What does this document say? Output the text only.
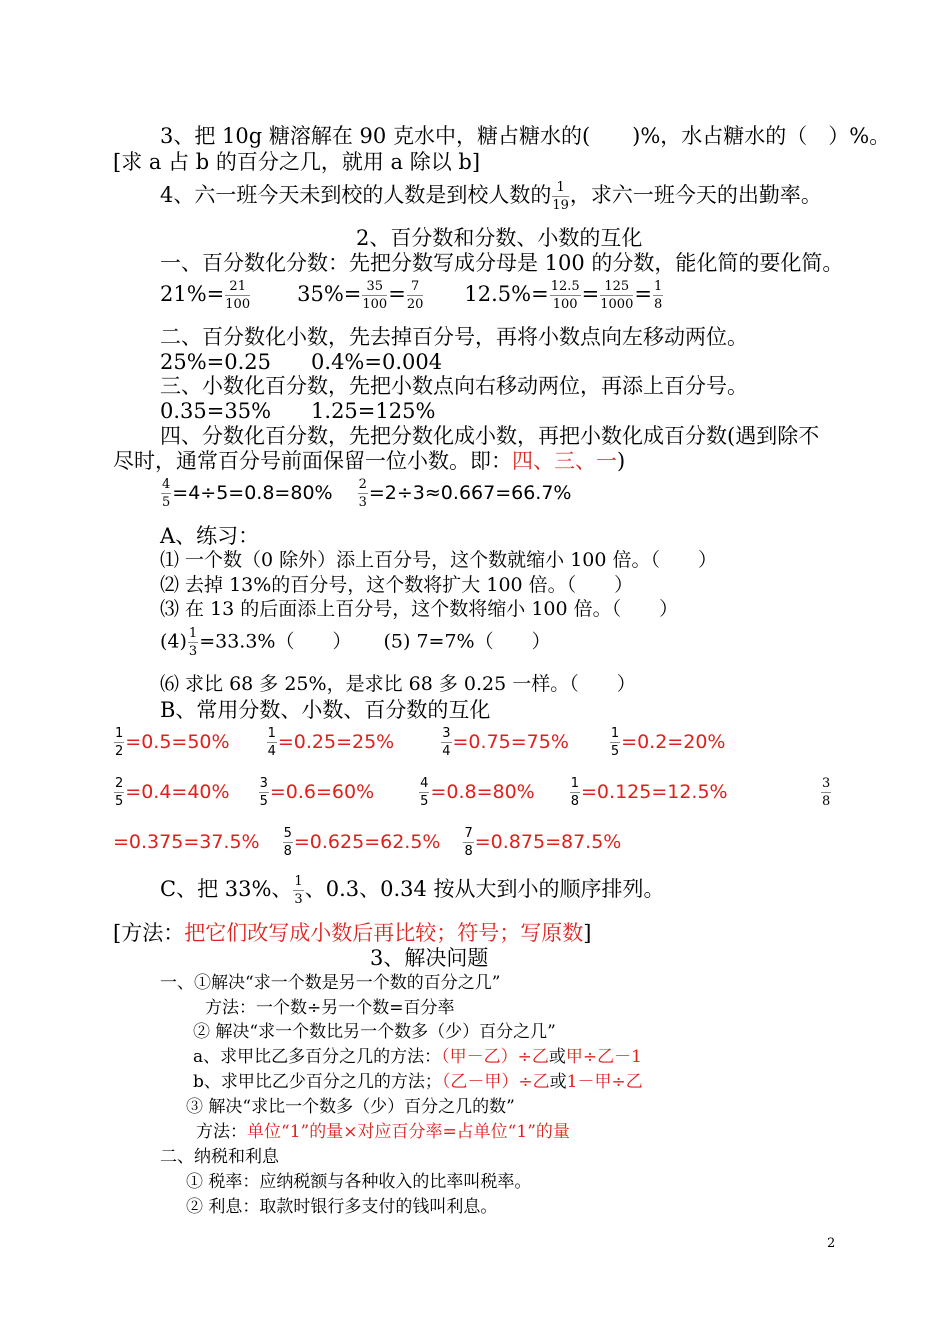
3、把 10g 糖溶解在 90 克水中，糖占糖水的(　　)%，水占糖水的（　）%。
[求 a 占 b 的百分之几，就用 a 除以 b]
4、六一班今天未到校的人数是到校人数的 $\frac{1}{19}$ ，求六一班今天的出勤率。
2、百分数和分数、小数的互化
一、百分数化分数：先把分数写成分母是 100 的分数，能化简的要化简。
$21\%= \frac{21}{100} 35\%= \frac{35}{100} = \frac{7}{20} 12.5\%= \frac{12.5}{100} = \frac{125}{1000} = \frac{1}{8}$
二、百分数化小数，先去掉百分号，再将小数点向左移动两位。
25%=0.25 0.4%=0.004
三、小数化百分数，先把小数点向右移动两位，再添上百分号。
0.35=35% 1.25=125%
四、分数化百分数，先把分数化成小数，再把小数化成百分数(遇到除不
尽时，通常百分号前面保留一位小数。即：四、三、一)
$\frac{4}{5} =4\div 5=0.8=80\% \frac{2}{3} =2\div 3\approx 0.667=66.7\%$
A、练习：
⑴ 一个数（0 除外）添上百分号，这个数就缩小 100 倍。（　　）
⑵ 去掉 13%的百分号，这个数将扩大 100 倍。（　　）
⑶ 在 13 的后面添上百分号，这个数将缩小 100 倍。（　　）
$(4) \frac{1}{3} =33.3\%$（　　） (5) 7=7%（　　）
⑹ 求比 68 多 25%，是求比 68 多 0.25 一样。（　　）
B、常用分数、小数、百分数的互化
$\frac{1}{2} =0.5=50\%$	$\frac{1}{4} =0.25=25\%$	$\frac{3}{4} =0.75=75\%$	$\frac{1}{5} =0.2=20\%$
$\frac{2}{5} =0.4=40\% \frac{3}{5} =0.6=60\%$	$\frac{4}{5} =0.8=80\%$	$\frac{1}{8} =0.125=12.5\%$	$\frac{3}{8}$
$=0.375=37.5\% \frac{5}{8} =0.625=62.5\% \frac{7}{8} =0.875=87.5\%$
C、把 33%、 $\frac{1}{3}$ 、0.3、0.34 按从大到小的顺序排列。
[方法：把它们改写成小数后再比较；符号；写原数]
3、解决问题
一、①解决“求一个数是另一个数的百分之几”
方法：一个数÷另一个数=百分率
② 解决“求一个数比另一个数多（少）百分之几”
a、求甲比乙多百分之几的方法：（甲－乙）÷乙或甲÷乙－1
b、求甲比乙少百分之几的方法；（乙－甲）÷乙或1－甲÷乙
③ 解决“求比一个数多（少）百分之几的数”
方法：单位“1”的量×对应百分率=占单位“1”的量
二、纳税和利息
① 税率：应纳税额与各种收入的比率叫税率。
② 利息：取款时银行多支付的钱叫利息。
2
